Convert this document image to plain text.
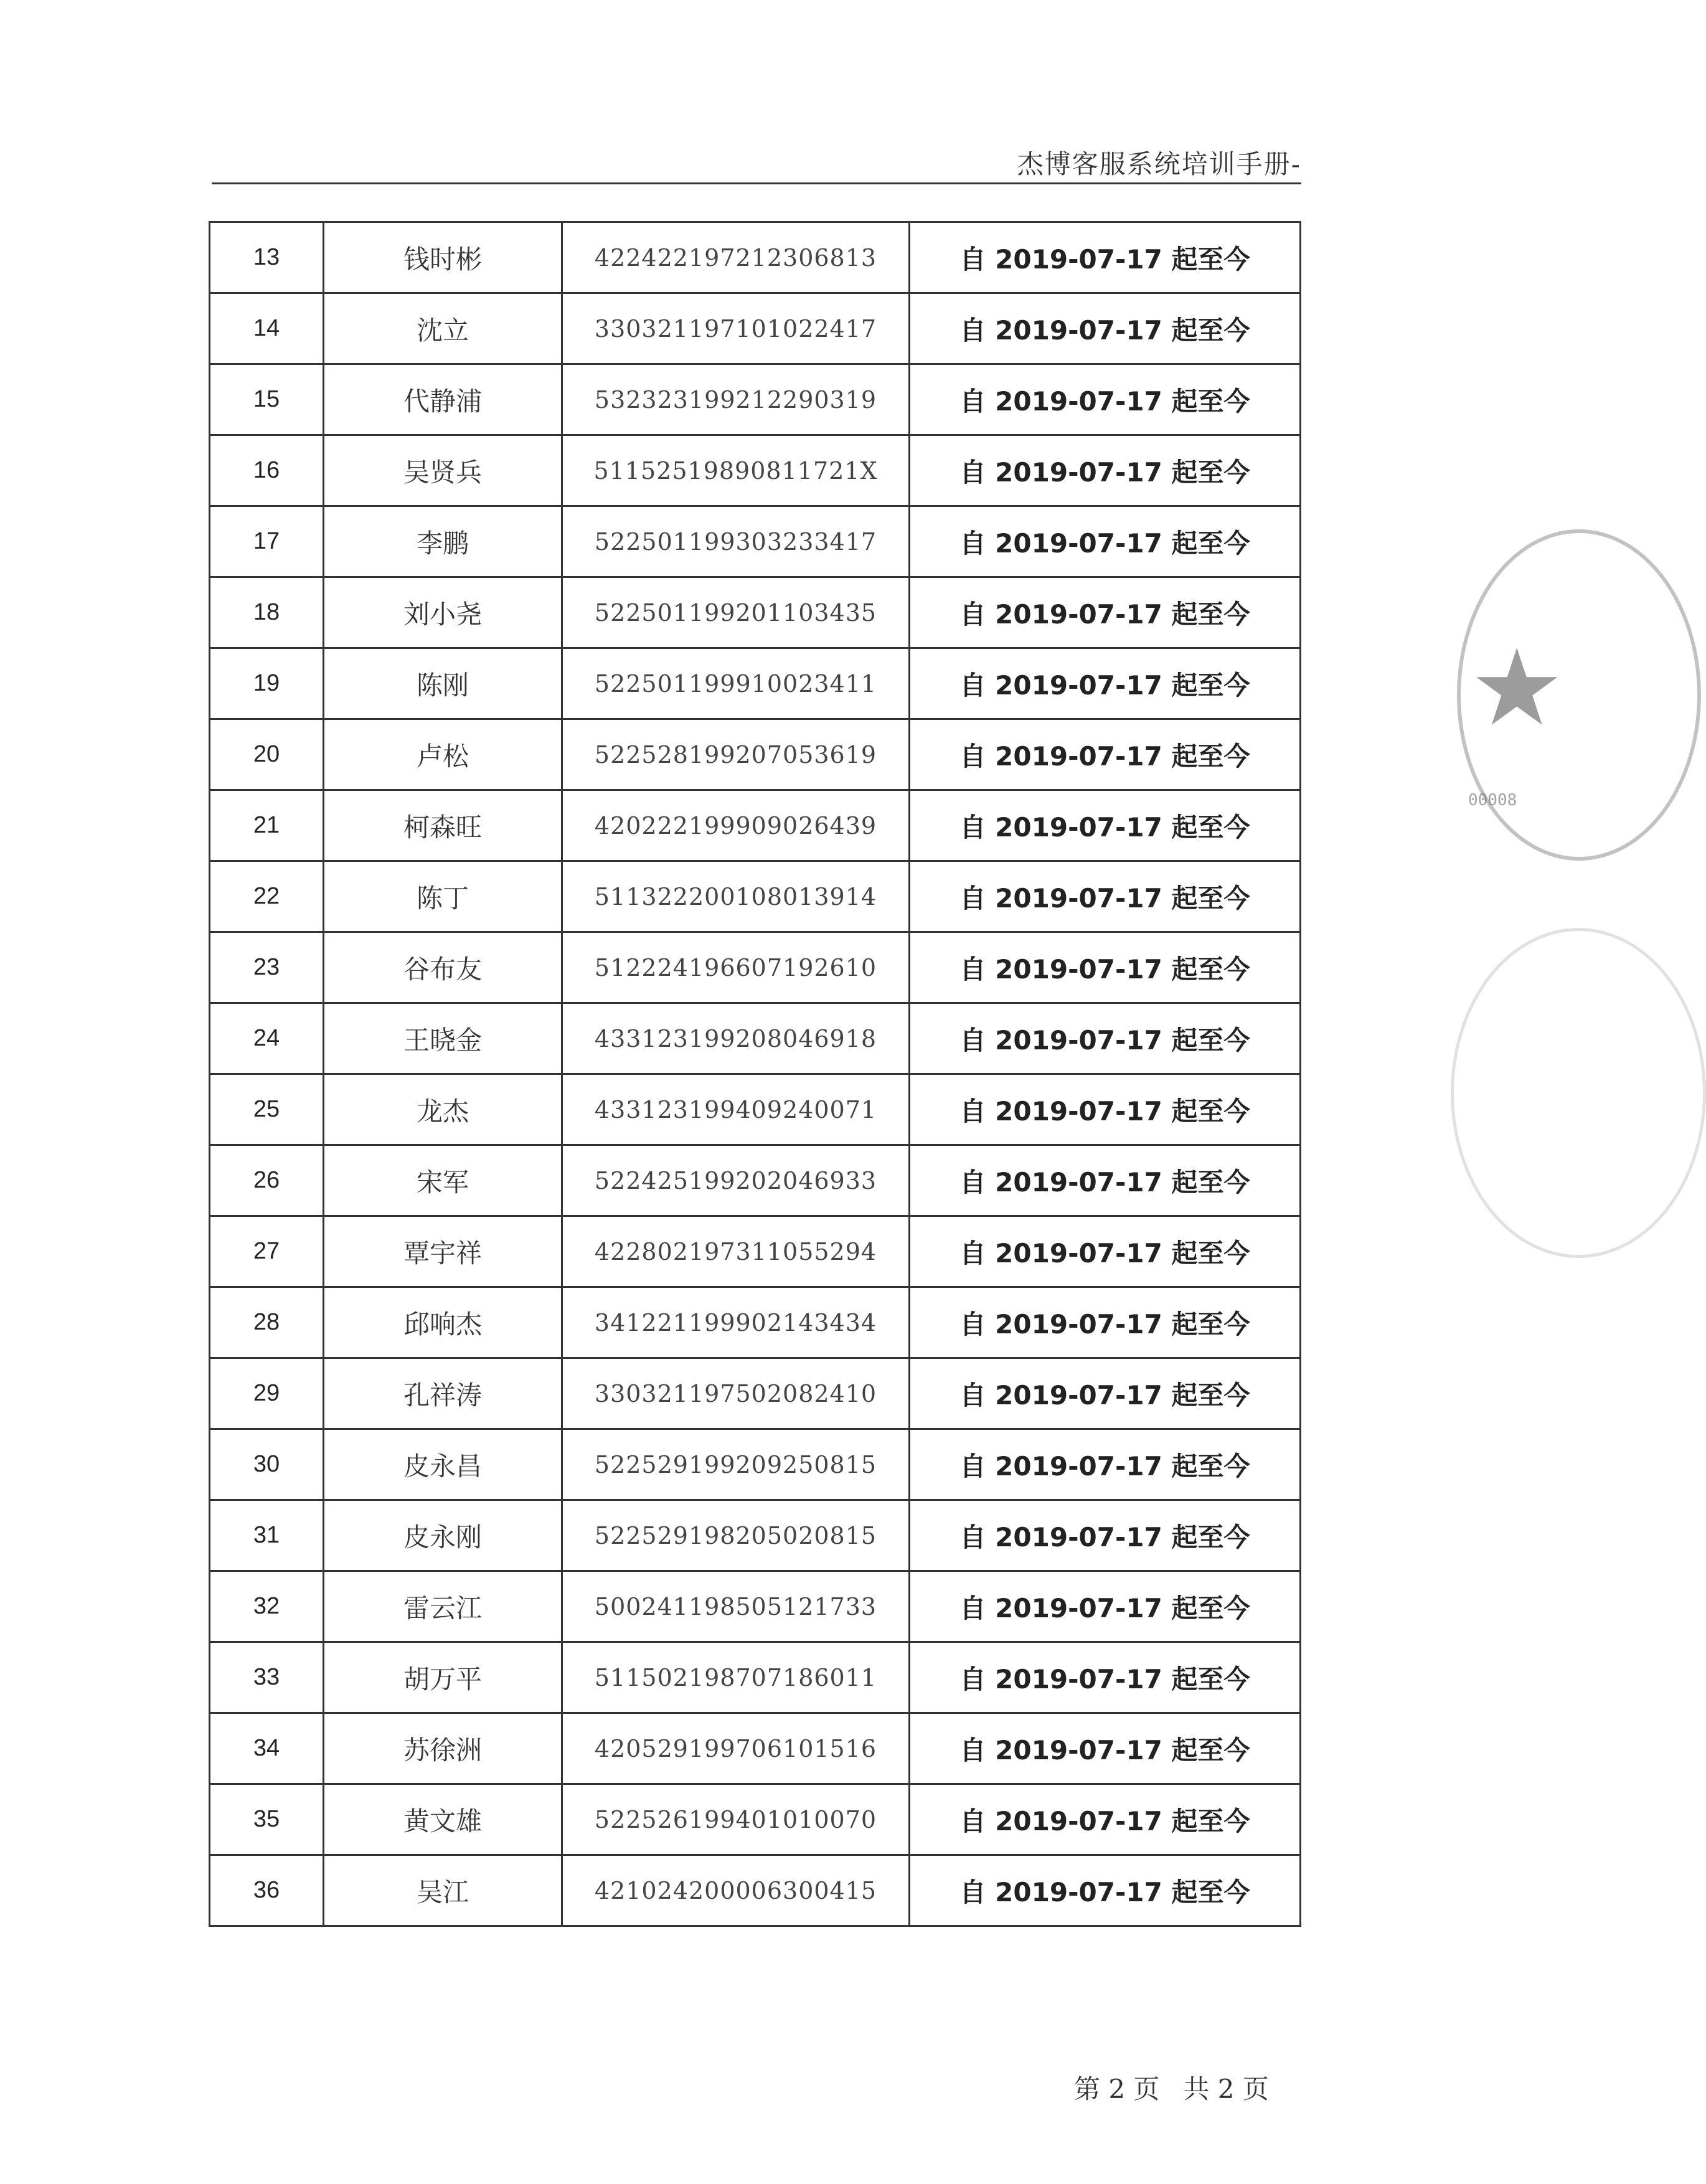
杰博客服系统培训手册-
13	钱时彬	422422197212306813	自 2019-07-17 起至今
14	沈立	330321197101022417	自 2019-07-17 起至今
15	代静浦	532323199212290319	自 2019-07-17 起至今
16	吴贤兵	51152519890811721X	自 2019-07-17 起至今
17	李鹏	522501199303233417	自 2019-07-17 起至今
18	刘小尧	522501199201103435	自 2019-07-17 起至今
19	陈刚	522501199910023411	自 2019-07-17 起至今
20	卢松	522528199207053619	自 2019-07-17 起至今
21	柯森旺	420222199909026439	自 2019-07-17 起至今
22	陈丁	511322200108013914	自 2019-07-17 起至今
23	谷布友	512224196607192610	自 2019-07-17 起至今
24	王晓金	433123199208046918	自 2019-07-17 起至今
25	龙杰	433123199409240071	自 2019-07-17 起至今
26	宋军	522425199202046933	自 2019-07-17 起至今
27	覃宇祥	422802197311055294	自 2019-07-17 起至今
28	邱响杰	341221199902143434	自 2019-07-17 起至今
29	孔祥涛	330321197502082410	自 2019-07-17 起至今
30	皮永昌	522529199209250815	自 2019-07-17 起至今
31	皮永刚	522529198205020815	自 2019-07-17 起至今
32	雷云江	500241198505121733	自 2019-07-17 起至今
33	胡万平	511502198707186011	自 2019-07-17 起至今
34	苏徐洲	420529199706101516	自 2019-07-17 起至今
35	黄文雄	522526199401010070	自 2019-07-17 起至今
36	吴江	421024200006300415	自 2019-07-17 起至今
★
00008
第 2 页 共 2 页
